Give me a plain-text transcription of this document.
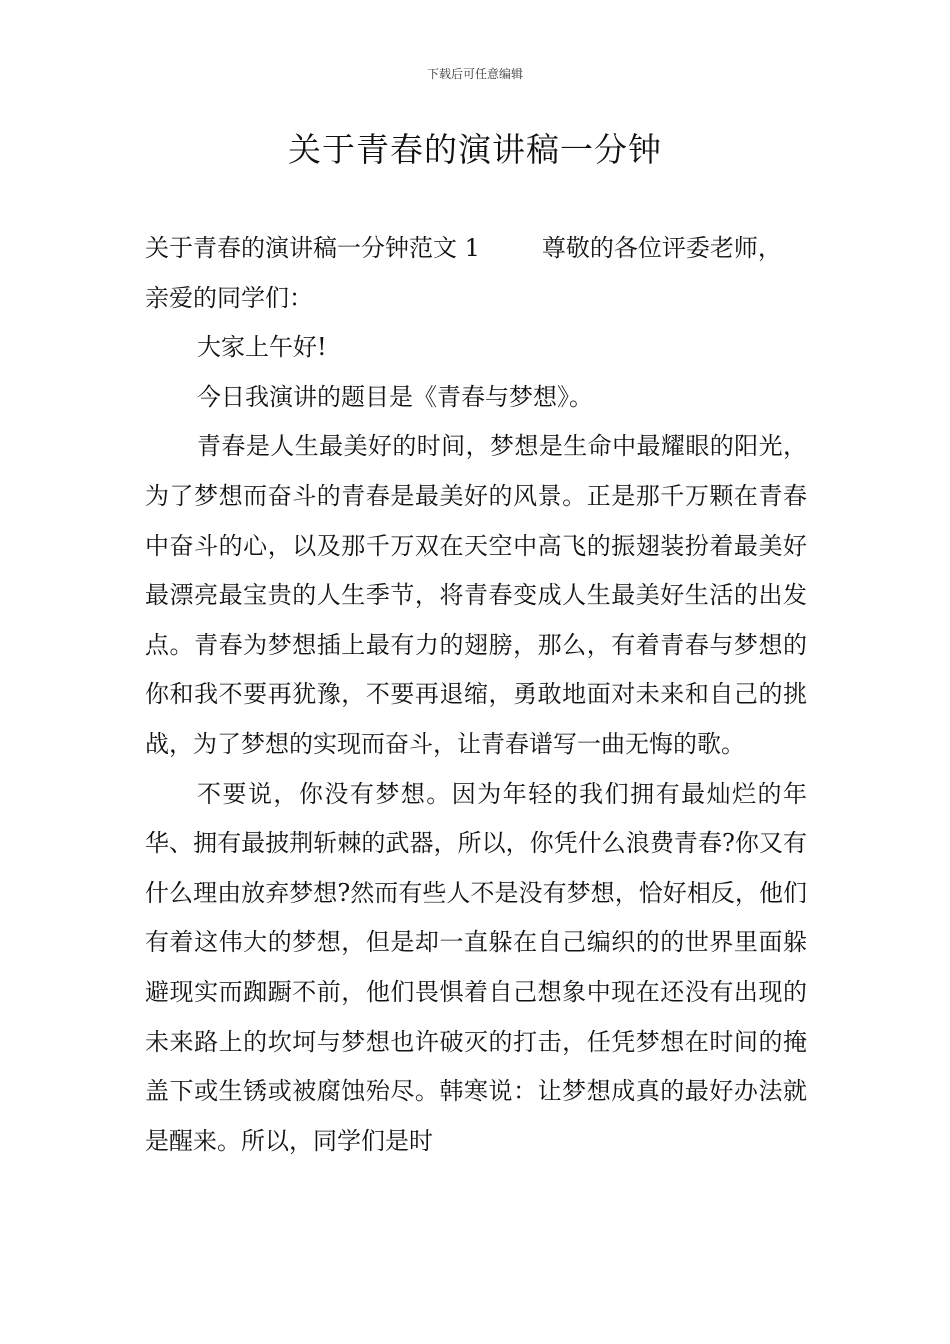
下载后可任意编辑
关于青春的演讲稿一分钟

关于青春的演讲稿一分钟范文 1	尊敬的各位评委老师，

亲爱的同学们：

大家上午好!

今日我演讲的题目是《青春与梦想》。

青春是人生最美好的时间，梦想是生命中最耀眼的阳光，为了梦想而奋斗的青春是最美好的风景。正是那千万颗在青春中奋斗的心，以及那千万双在天空中高飞的振翅装扮着最美好最漂亮最宝贵的人生季节，将青春变成人生最美好生活的出发点。青春为梦想插上最有力的翅膀，那么，有着青春与梦想的你和我不要再犹豫，不要再退缩，勇敢地面对未来和自己的挑战，为了梦想的实现而奋斗，让青春谱写一曲无悔的歌。

不要说，你没有梦想。因为年轻的我们拥有最灿烂的年华、拥有最披荆斩棘的武器，所以，你凭什么浪费青春?你又有什么理由放弃梦想?然而有些人不是没有梦想，恰好相反，他们有着这伟大的梦想，但是却一直躲在自己编织的的世界里面躲避现实而踟蹰不前，他们畏惧着自己想象中现在还没有出现的未来路上的坎坷与梦想也许破灭的打击，任凭梦想在时间的掩盖下或生锈或被腐蚀殆尽。韩寒说：让梦想成真的最好办法就是醒来。所以，同学们是时
